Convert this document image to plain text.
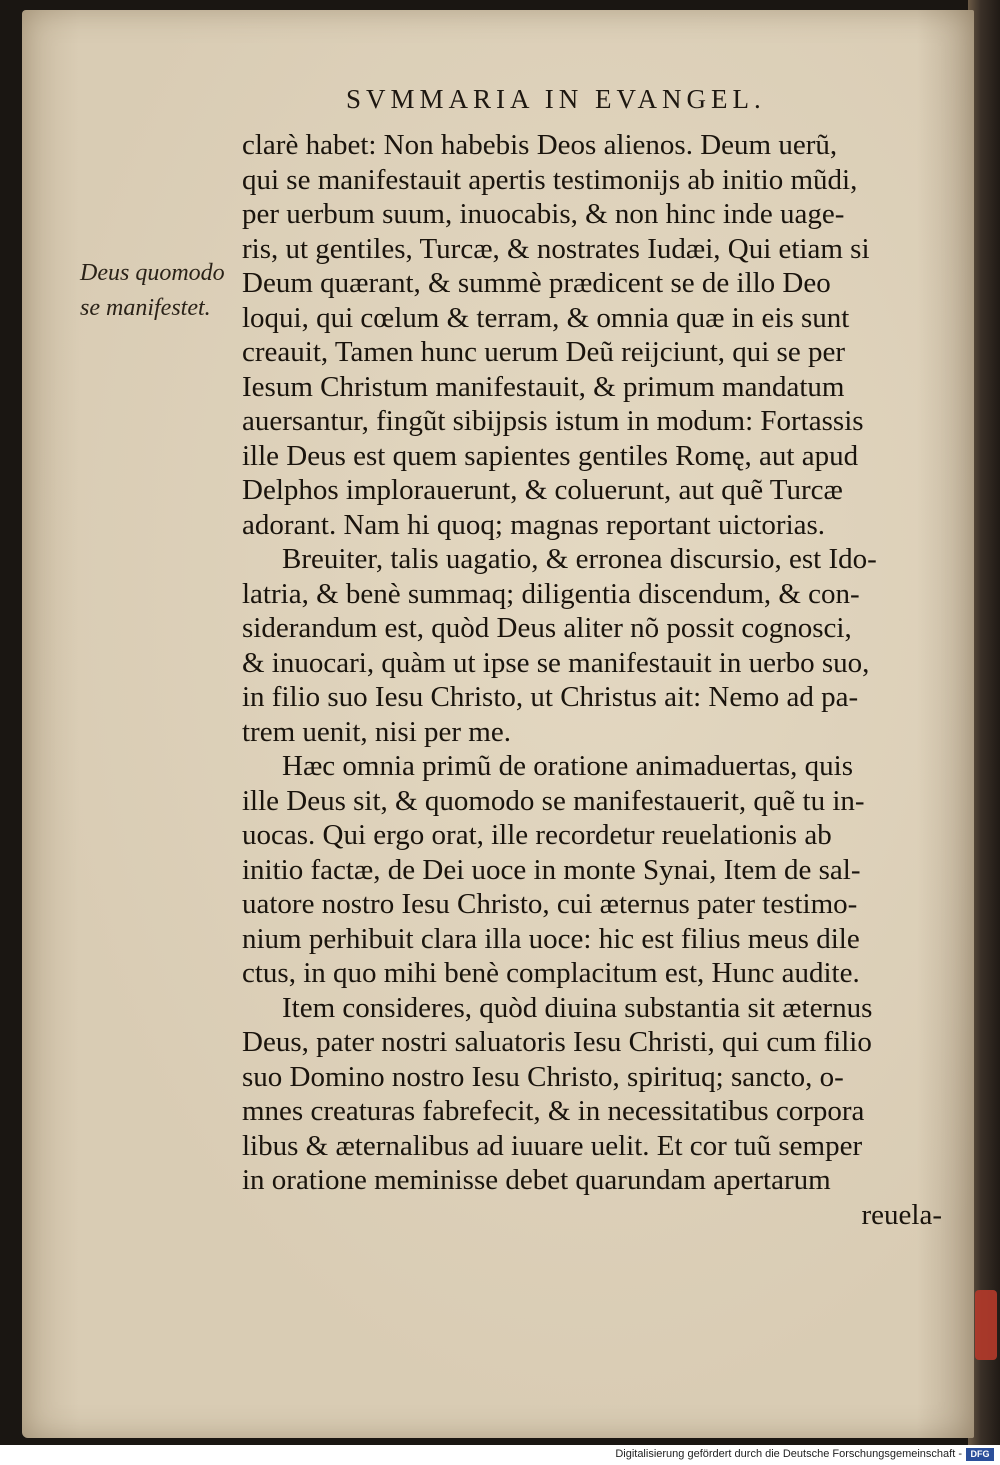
SVMMARIA IN EVANGEL.
Deus quomodo
se manifestet.
clarè habet: Non habebis Deos alienos. Deum uerũ,
qui se manifestauit apertis testimonijs ab initio mũdi,
per uerbum suum, inuocabis, & non hinc inde uage-
ris, ut gentiles, Turcæ, & nostrates Iudæi, Qui etiam si
Deum quærant, & summè prædicent se de illo Deo
loqui, qui cœlum & terram, & omnia quæ in eis sunt
creauit, Tamen hunc uerum Deũ reijciunt, qui se per
Iesum Christum manifestauit, & primum mandatum
auersantur, fingũt sibijpsis istum in modum: Fortassis
ille Deus est quem sapientes gentiles Romę, aut apud
Delphos implorauerunt, & coluerunt, aut quẽ Turcæ
adorant. Nam hi quoq; magnas reportant uictorias.
Breuiter, talis uagatio, & erronea discursio, est Ido-
latria, & benè summaq; diligentia discendum, & con-
siderandum est, quòd Deus aliter nõ possit cognosci,
& inuocari, quàm ut ipse se manifestauit in uerbo suo,
in filio suo Iesu Christo, ut Christus ait: Nemo ad pa-
trem uenit, nisi per me.
Hæc omnia primũ de oratione animaduertas, quis
ille Deus sit, & quomodo se manifestauerit, quẽ tu in-
uocas. Qui ergo orat, ille recordetur reuelationis ab
initio factæ, de Dei uoce in monte Synai, Item de sal-
uatore nostro Iesu Christo, cui æternus pater testimo-
nium perhibuit clara illa uoce: hic est filius meus dile
ctus, in quo mihi benè complacitum est, Hunc audite.
Item consideres, quòd diuina substantia sit æternus
Deus, pater nostri saluatoris Iesu Christi, qui cum filio
suo Domino nostro Iesu Christo, spirituq; sancto, o-
mnes creaturas fabrefecit, & in necessitatibus corpora
libus & æternalibus ad iuuare uelit. Et cor tuũ semper
in oratione meminisse debet quarundam apertarum
reuela-
Digitalisierung gefördert durch die Deutsche Forschungsgemeinschaft - DFG
